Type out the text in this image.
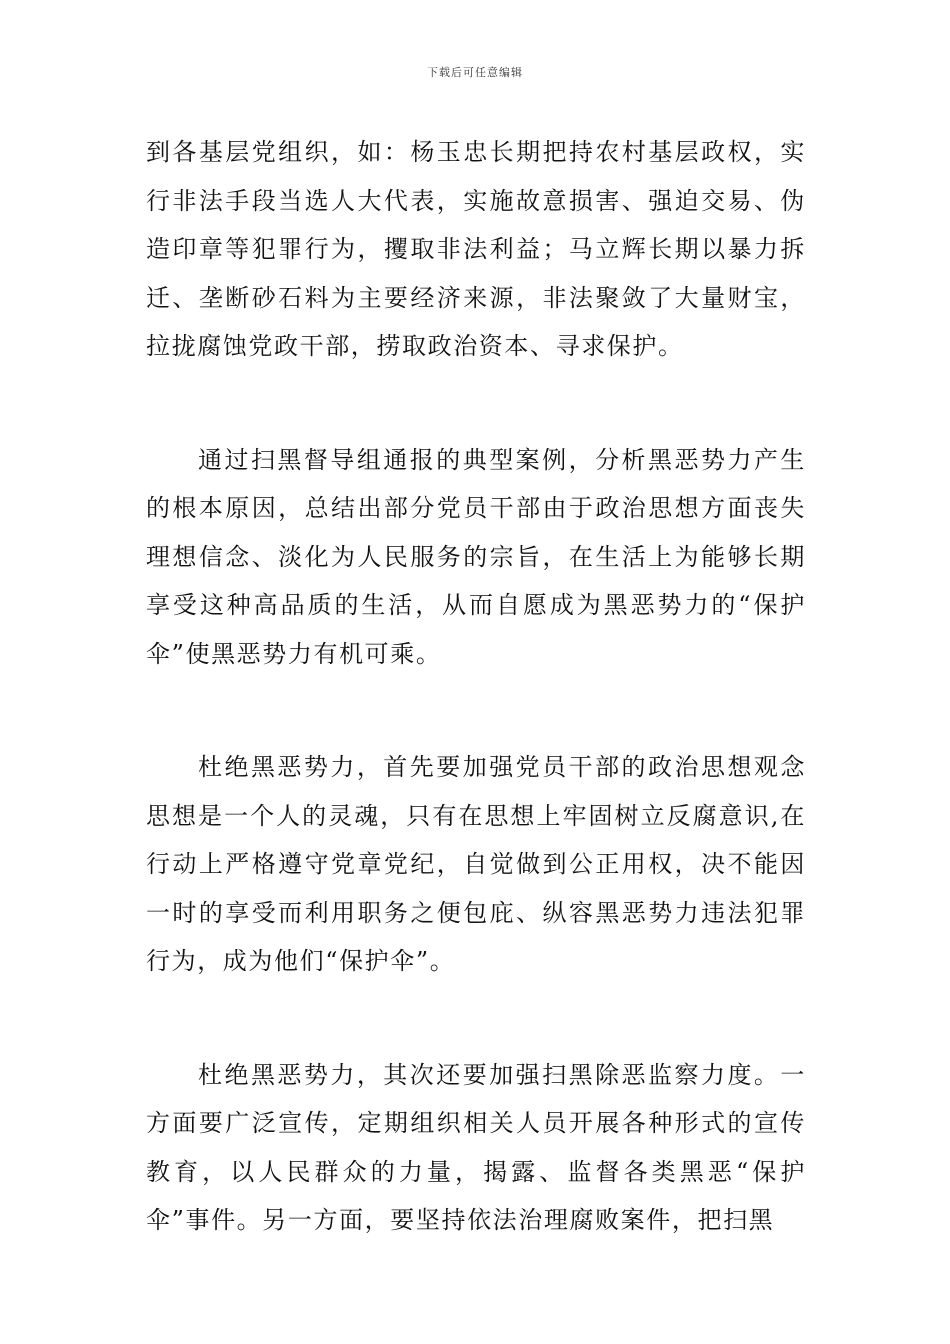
下载后可任意编辑

到各基层党组织，如：杨玉忠长期把持农村基层政权，实行非法手段当选人大代表，实施故意损害、强迫交易、伪造印章等犯罪行为，攫取非法利益；马立辉长期以暴力拆迁、垄断砂石料为主要经济来源，非法聚敛了大量财宝，拉拢腐蚀党政干部，捞取政治资本、寻求保护。

通过扫黑督导组通报的典型案例，分析黑恶势力产生的根本原因，总结出部分党员干部由于政治思想方面丧失理想信念、淡化为人民服务的宗旨，在生活上为能够长期享受这种高品质的生活，从而自愿成为黑恶势力的“保护伞”使黑恶势力有机可乘。

杜绝黑恶势力，首先要加强党员干部的政治思想观念思想是一个人的灵魂，只有在思想上牢固树立反腐意识,在行动上严格遵守党章党纪，自觉做到公正用权，决不能因一时的享受而利用职务之便包庇、纵容黑恶势力违法犯罪行为，成为他们“保护伞”。

杜绝黑恶势力，其次还要加强扫黑除恶监察力度。一方面要广泛宣传，定期组织相关人员开展各种形式的宣传教育，以人民群众的力量，揭露、监督各类黑恶“保护伞”事件。另一方面，要坚持依法治理腐败案件，把扫黑
